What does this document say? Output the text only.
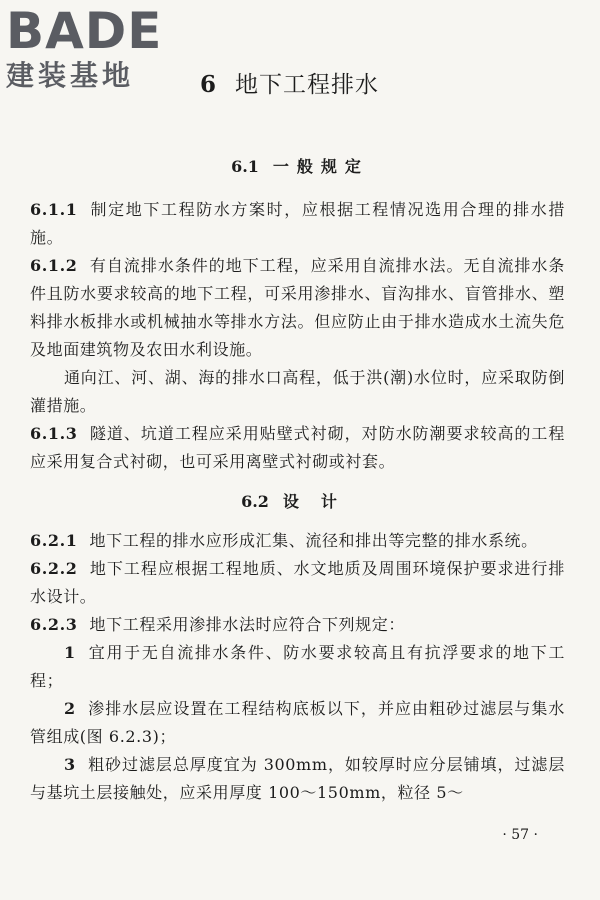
BADE
建装基地	6 地下工程排水
6.1 一般规定

6.1.1 制定地下工程防水方案时，应根据工程情况选用合理的排水措施。

6.1.2 有自流排水条件的地下工程，应采用自流排水法。无自流排水条件且防水要求较高的地下工程，可采用渗排水、盲沟排水、盲管排水、塑料排水板排水或机械抽水等排水方法。但应防止由于排水造成水土流失危及地面建筑物及农田水利设施。

通向江、河、湖、海的排水口高程，低于洪(潮)水位时，应采取防倒灌措施。

6.1.3 隧道、坑道工程应采用贴壁式衬砌，对防水防潮要求较高的工程应采用复合式衬砌，也可采用离壁式衬砌或衬套。

6.2 设计

6.2.1 地下工程的排水应形成汇集、流径和排出等完整的排水系统。

6.2.2 地下工程应根据工程地质、水文地质及周围环境保护要求进行排水设计。

6.2.3 地下工程采用渗排水法时应符合下列规定：

1 宜用于无自流排水条件、防水要求较高且有抗浮要求的地下工程；

2 渗排水层应设置在工程结构底板以下，并应由粗砂过滤层与集水管组成(图 6.2.3)；

3 粗砂过滤层总厚度宜为 300mm，如较厚时应分层铺填，过滤层与基坑土层接触处，应采用厚度 100～150mm，粒径 5～

· 57 ·
